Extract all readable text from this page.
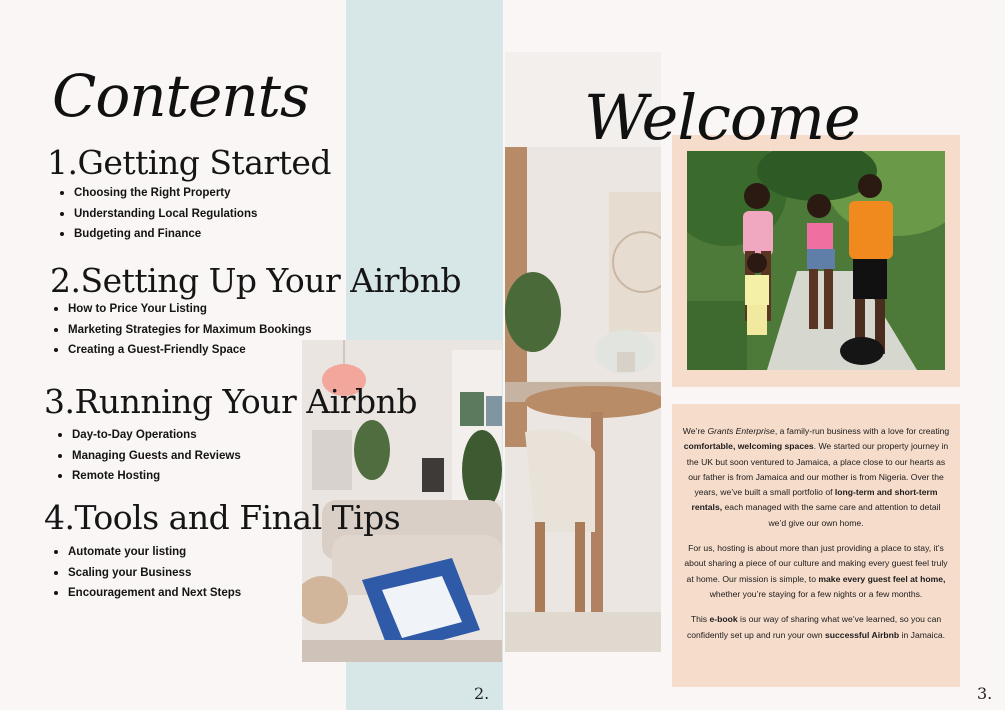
Contents	Welcome
1.Getting Started
Choosing the Right Property
Understanding Local Regulations
Budgeting and Finance
2.Setting Up Your Airbnb
How to Price Your Listing
Marketing Strategies for Maximum Bookings
Creating a Guest-Friendly Space
3.Running Your Airbnb
Day-to-Day Operations
Managing Guests and Reviews
Remote Hosting
4.Tools and Final Tips
Automate your listing
Scaling your Business
Encouragement and Next Steps

We’re Grants Enterprise, a family-run business with a love for creating comfortable, welcoming spaces. We started our property journey in the UK but soon ventured to Jamaica, a place close to our hearts as our father is from Jamaica and our mother is from Nigeria. Over the years, we’ve built a small portfolio of long-term and short-term rentals, each managed with the same care and attention to detail we’d give our own home.

For us, hosting is about more than just providing a place to stay, it’s about sharing a piece of our culture and making every guest feel truly at home. Our mission is simple, to make every guest feel at home, whether you’re staying for a few nights or a few months.

This e-book is our way of sharing what we’ve learned, so you can confidently set up and run your own successful Airbnb in Jamaica.

2.	3.
